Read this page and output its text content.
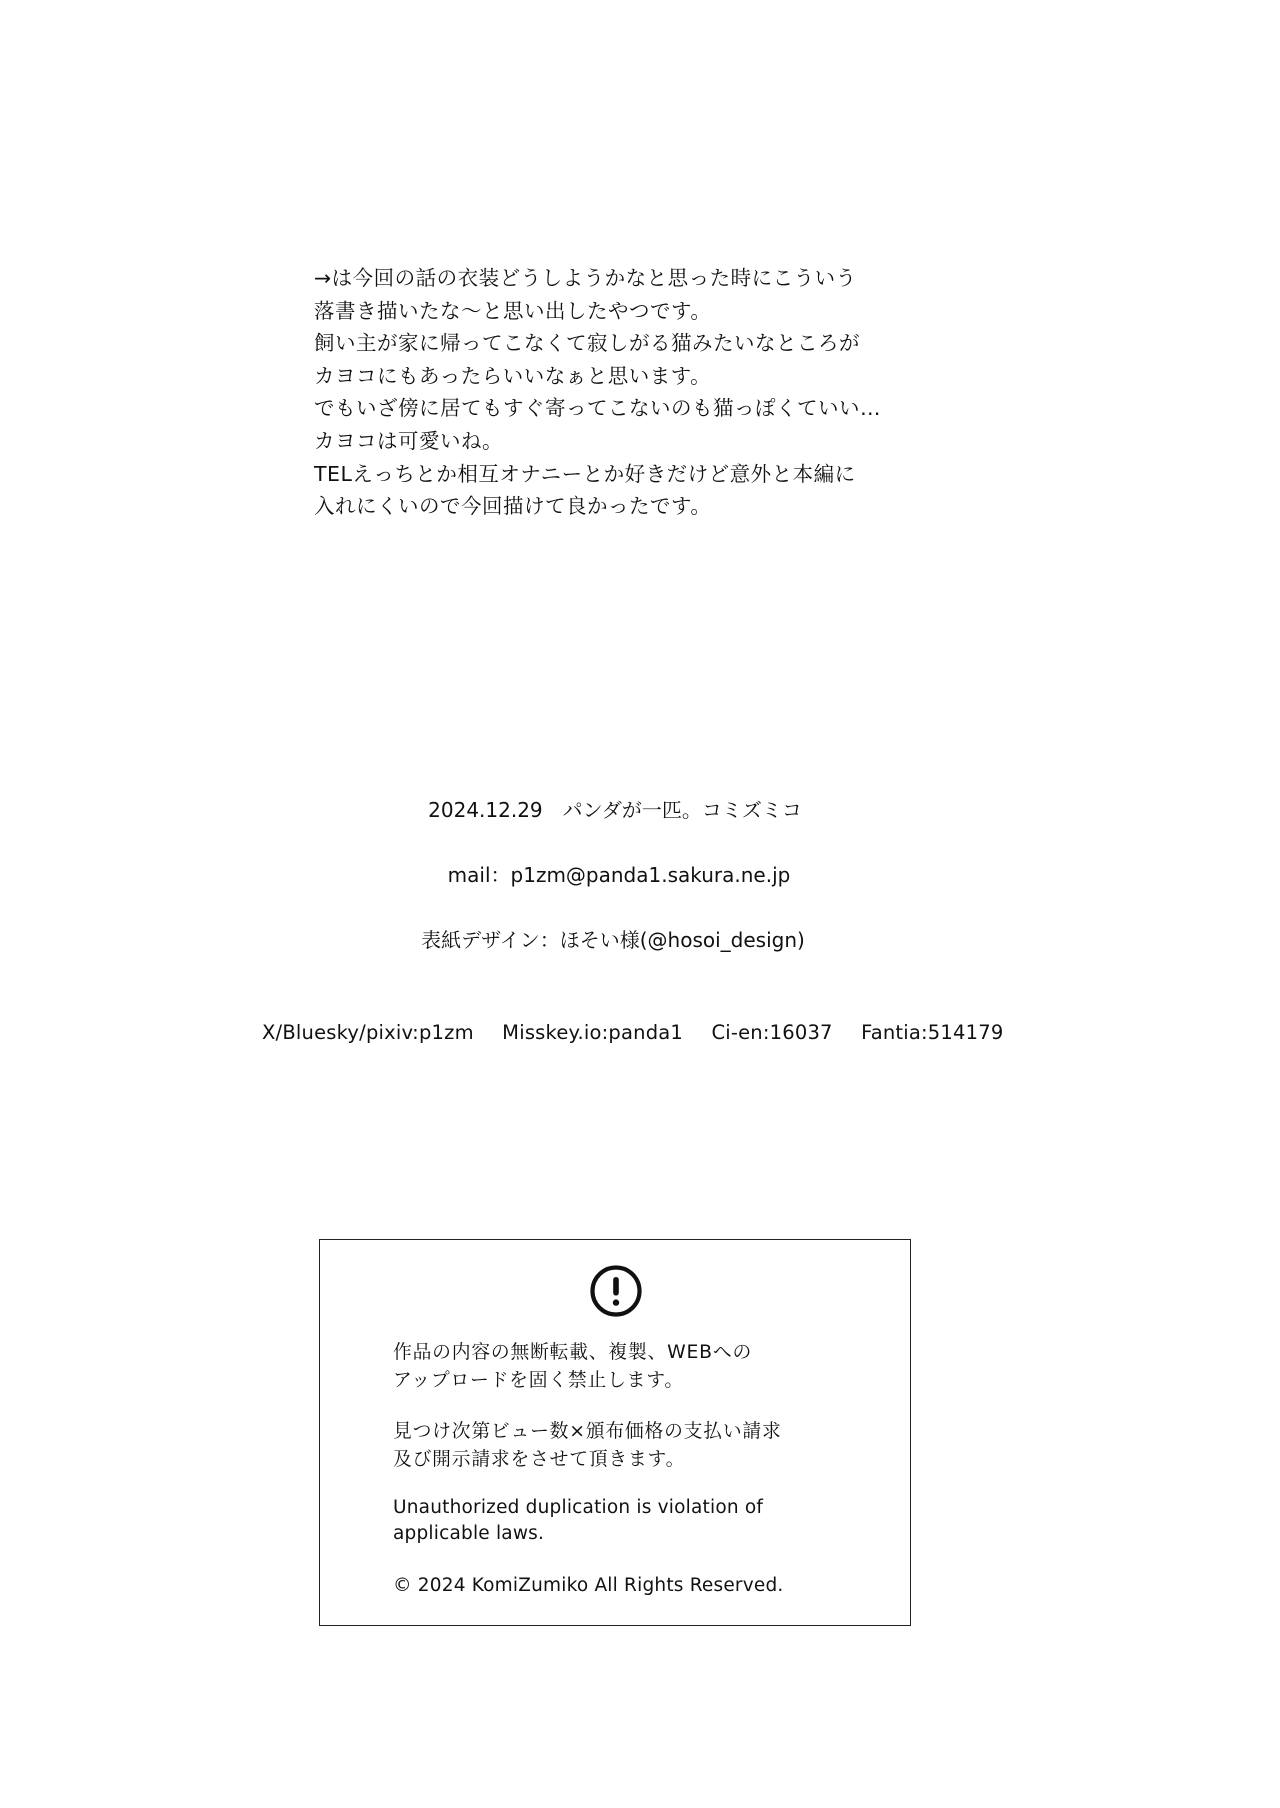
→は今回の話の衣装どうしようかなと思った時にこういう
落書き描いたな〜と思い出したやつです。
飼い主が家に帰ってこなくて寂しがる猫みたいなところが
カヨコにもあったらいいなぁと思います。
でもいざ傍に居てもすぐ寄ってこないのも猫っぽくていい…
カヨコは可愛いね。
TELえっちとか相互オナニーとか好きだけど意外と本編に
入れにくいので今回描けて良かったです。
2024.12.29　パンダが一匹。コミズミコ
mail：p1zm@panda1.sakura.ne.jp
表紙デザイン：ほそい様(@hosoi_design)
X/Bluesky/pixiv:p1zm Misskey.io:panda1 Ci-en:16037 Fantia:514179
作品の内容の無断転載、複製、WEBへの
アップロードを固く禁止します。
見つけ次第ビュー数×頒布価格の支払い請求
及び開示請求をさせて頂きます。
Unauthorized duplication is violation of
applicable laws.
© 2024 KomiZumiko All Rights Reserved.
